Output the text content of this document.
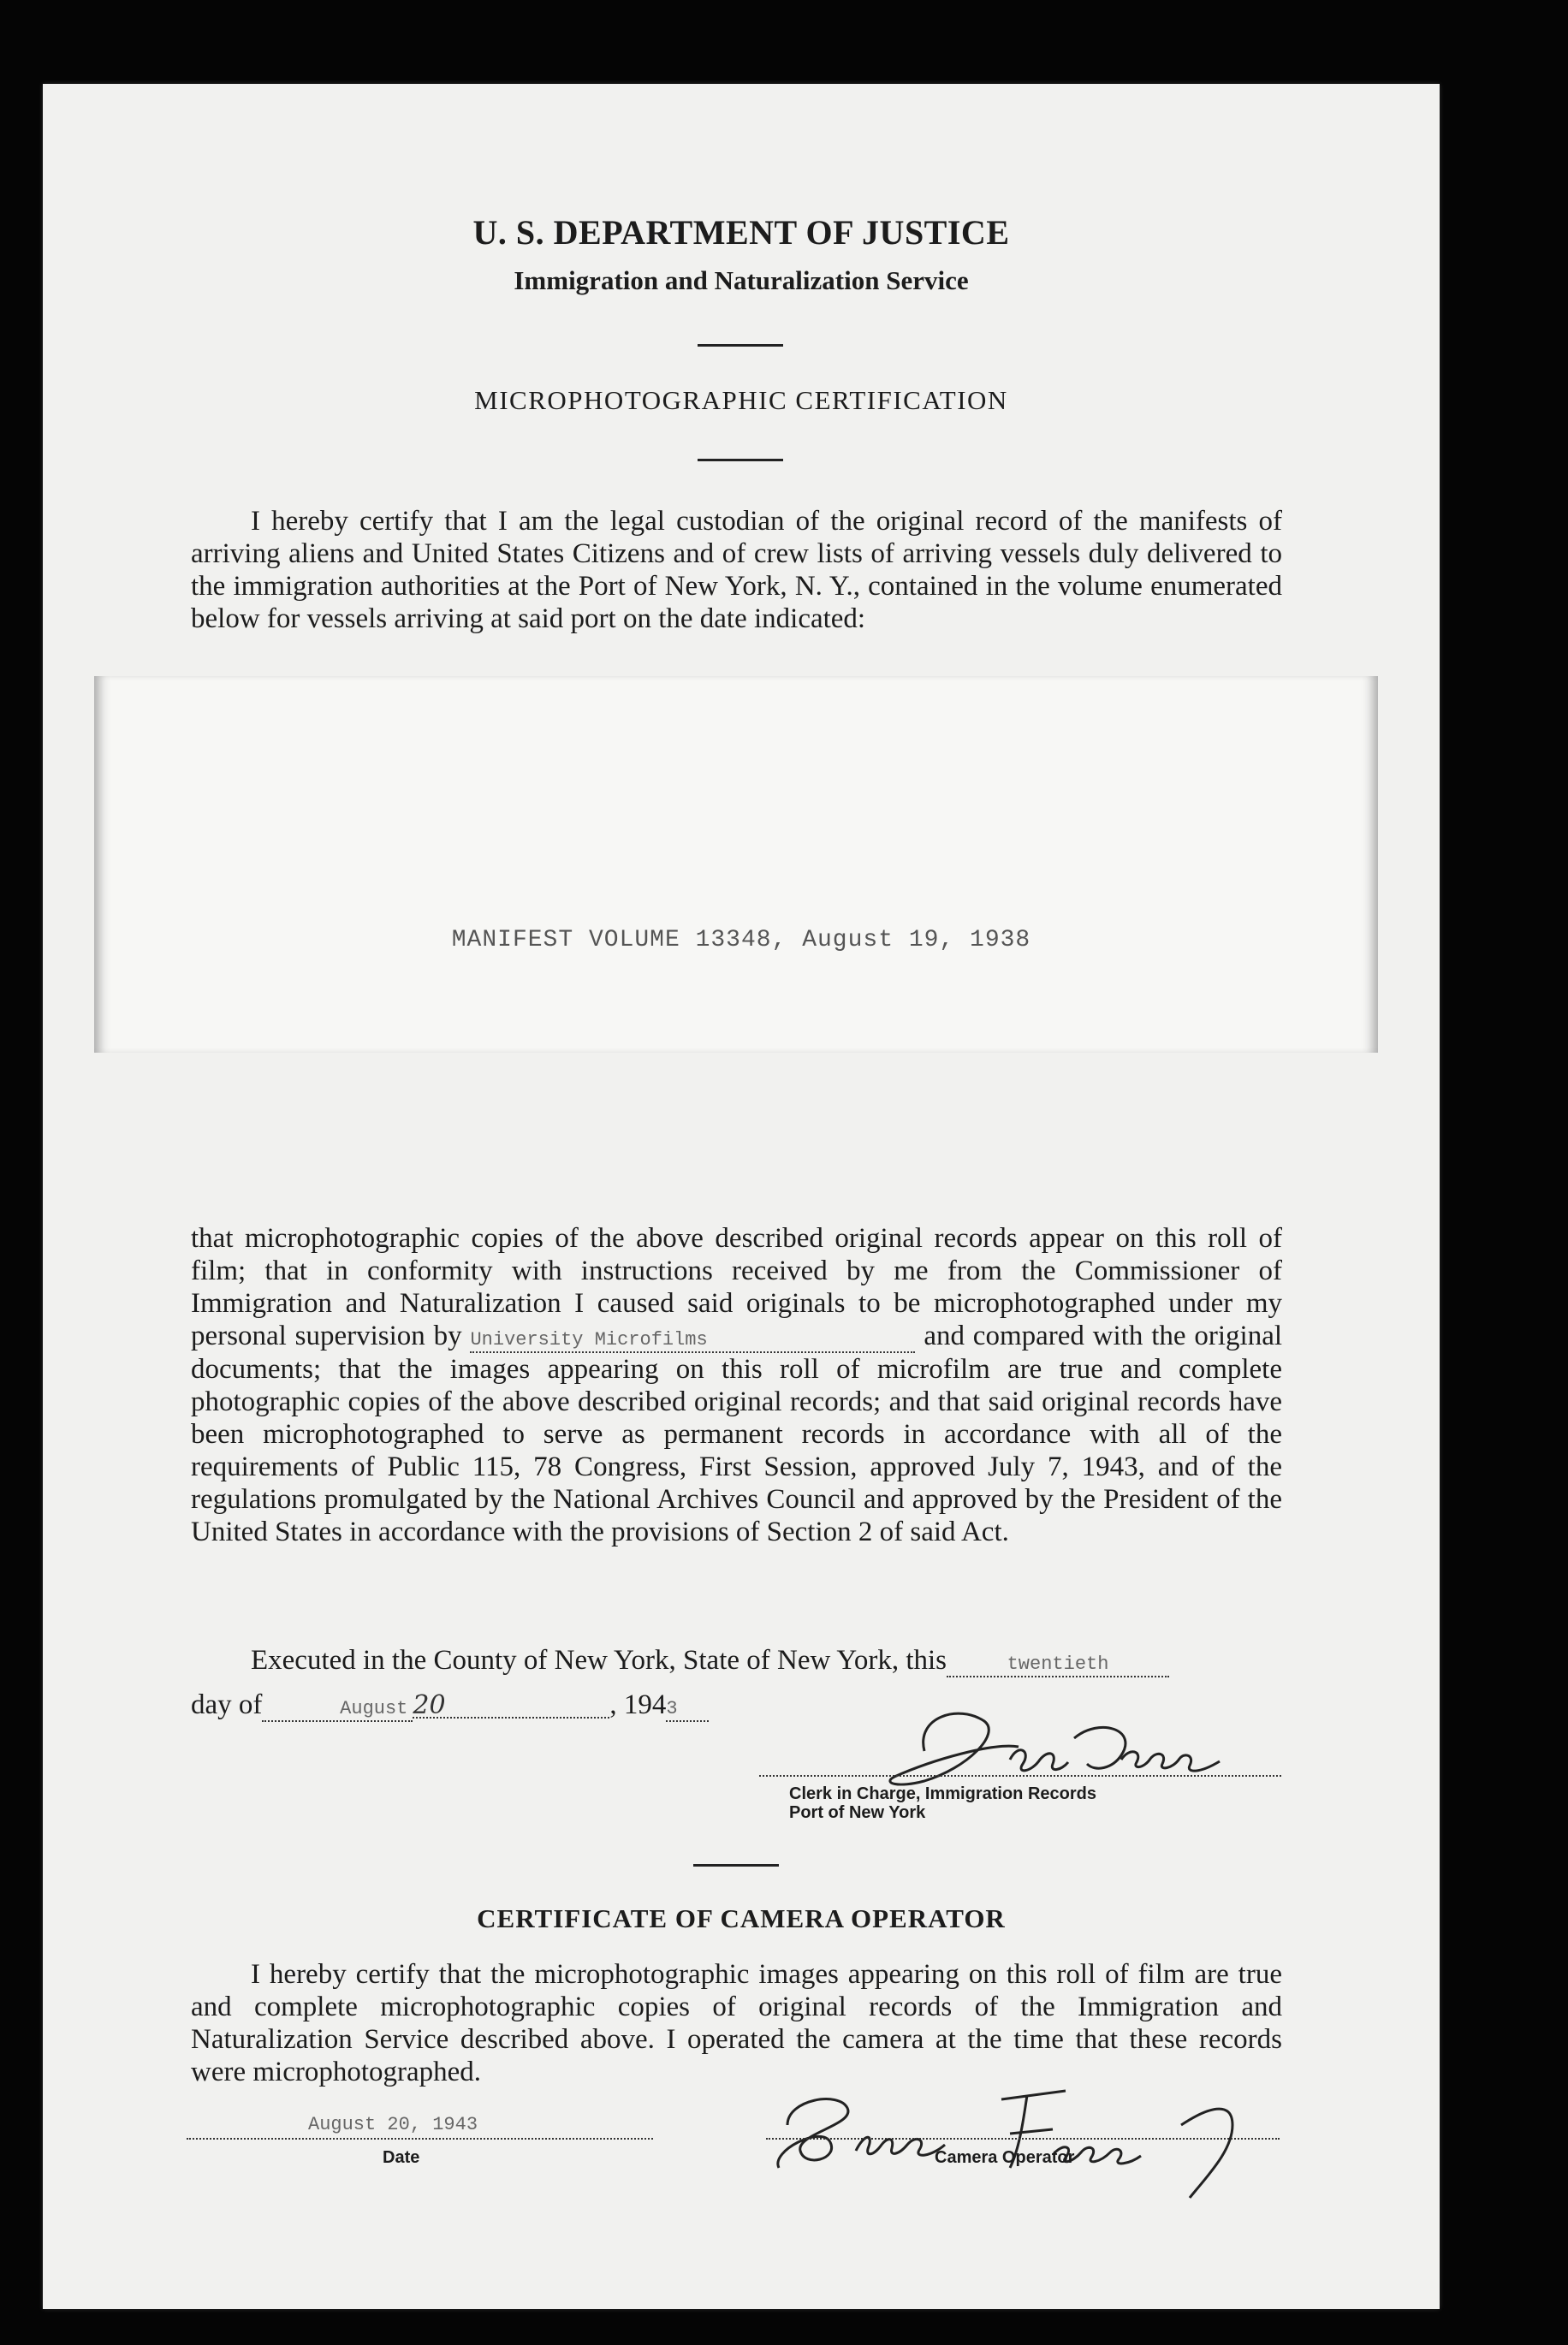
U. S. DEPARTMENT OF JUSTICE
Immigration and Naturalization Service
MICROPHOTOGRAPHIC CERTIFICATION
I hereby certify that I am the legal custodian of the original record of the manifests of arriving aliens and United States Citizens and of crew lists of arriving vessels duly delivered to the immigration authorities at the Port of New York, N. Y., contained in the volume enumerated below for vessels arriving at said port on the date indicated:
MANIFEST VOLUME 13348, August 19, 1938
that microphotographic copies of the above described original records appear on this roll of film; that in conformity with instructions received by me from the Commissioner of Immigration and Naturalization I caused said originals to be microphotographed under my personal supervision by University Microfilms	and compared with the original documents; that the images appearing on this roll of microfilm are true and complete photographic copies of the above described original records; and that said original records have been microphotographed to serve as permanent records in accordance with all of the requirements of Public 115, 78 Congress, First Session, approved July 7, 1943, and of the regulations promulgated by the National Archives Council and approved by the President of the United States in accordance with the provisions of Section 2 of said Act.
Executed in the County of New York, State of New York, this	twentieth
day of	August 20	, 1943
Clerk in Charge, Immigration Records
Port of New York
CERTIFICATE OF CAMERA OPERATOR
I hereby certify that the microphotographic images appearing on this roll of film are true and complete microphotographic copies of original records of the Immigration and Naturalization Service described above. I operated the camera at the time that these records were microphotographed.
August 20, 1943
Date	Camera Operator
